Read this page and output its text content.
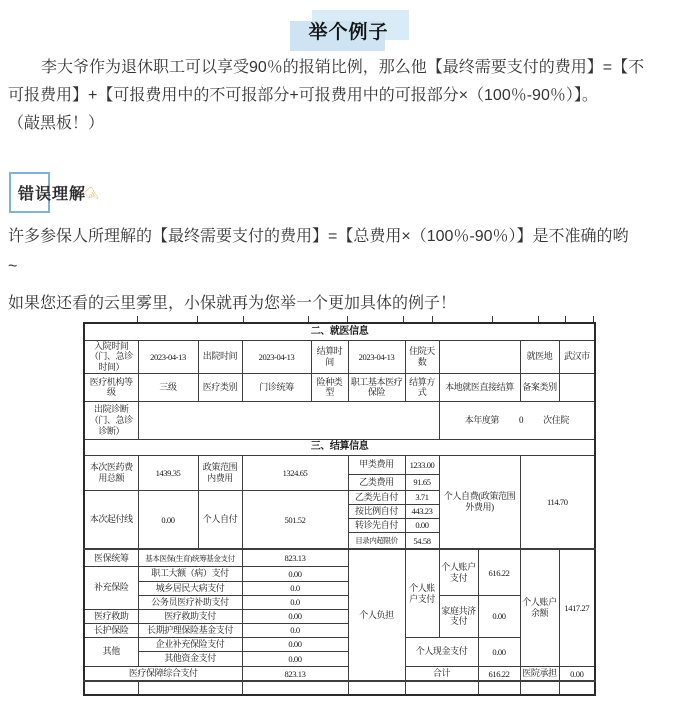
举个例子
李大爷作为退休职工可以享受90％的报销比例，那么他【最终需要支付的费用】=【不
可报费用】+【可报费用中的不可报部分+可报费用中的可报部分×（100％-90％）】。
（敲黑板！）
错误理解☟
许多参保人所理解的【最终需要支付的费用】=【总费用×（100％-90％）】是不准确的哟
~
如果您还看的云里雾里，小保就再为您举一个更加具体的例子！
二、就医信息										
入院时间（门、急诊时间）	2023-04-13	出院时间	2023-04-13	结算时间	2023-04-13	住院天数			就医地	武汉市
医疗机构等级	三级	医疗类别	门诊统筹	险种类型	职工基本医疗保险	结算方式	本地就医直接结算		备案类别	
出院诊断（门、急诊诊断）							本年度第 0 次住院			

三、结算信息										
本次医药费用总额	1439.35	政策范围内费用	1324.65		甲类费用	1233.00	个人自费(政策范围外费用)		114.70	
					乙类费用	91.65				
本次起付线	0.00	个人自付	501.52		乙类先自付	3.71				
					按比例自付	443.23				
					转诊先自付	0.00				
					目录内超限价	54.58				
医保统筹	基本医保(生育)统筹基金支付		823.13		个人负担	个人账户支付	个人账户支付	616.22	个人账户余额	1417.27
补充保险	职工大额（病）支付		0.00							
	城乡居民大病支付		0.0							
	公务员医疗补助支付		0.0				家庭共济支付	0.00		
医疗救助	医疗救助支付		0.00							
长护保险	长期护理保险基金支付		0.0							
其他	企业补充保险支付		0.00			个人现金支付		0.00		
	其他资金支付		0.00							
医疗保障综合支付			823.13			合计		616.22	医院承担	0.00
